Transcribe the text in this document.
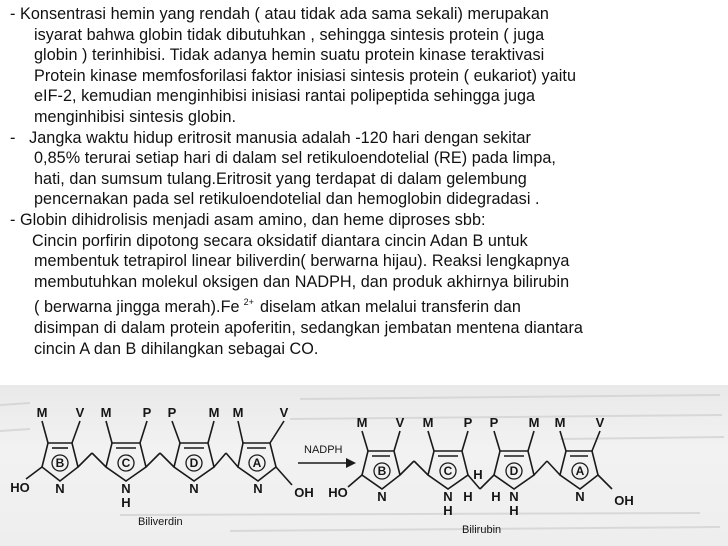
- Konsentrasi hemin yang rendah ( atau tidak ada sama sekali) merupakan
isyarat bahwa globin tidak dibutuhkan , sehingga sintesis protein ( juga
globin ) terinhibisi. Tidak adanya hemin suatu protein kinase teraktivasi
Protein kinase memfosforilasi faktor inisiasi sintesis protein ( eukariot) yaitu
eIF-2, kemudian menginhibisi inisiasi rantai polipeptida sehingga juga
menginhibisi sintesis globin.
-   Jangka waktu hidup eritrosit manusia adalah -120 hari dengan sekitar
0,85% terurai setiap hari di dalam sel retikuloendotelial (RE) pada limpa,
hati, dan sumsum tulang.Eritrosit yang terdapat di dalam gelembung
pencernakan pada sel retikuloendotelial dan hemoglobin didegradasi .
- Globin dihidrolisis menjadi asam amino, dan heme diproses sbb:
Cincin porfirin dipotong secara oksidatif diantara cincin Adan B untuk
membentuk tetrapirol linear biliverdin( berwarna hijau). Reaksi lengkapnya
membutuhkan molekul oksigen dan NADPH, dan produk akhirnya bilirubin
( berwarna jingga merah).Fe $^{2+}$ diselam atkan melalui transferin dan
disimpan di dalam protein apoferitin, sedangkan jembatan mentena diantara
cincin A dan B dihilangkan sebagai CO.
B	C	D	A
M V M P P M M	V
HO N	N
H
N	N OH
Biliverdin
NADPH
B	C	D	A
M V M P P M M V
HO N	N
H
H
H H N
H
N OH
Bilirubin
